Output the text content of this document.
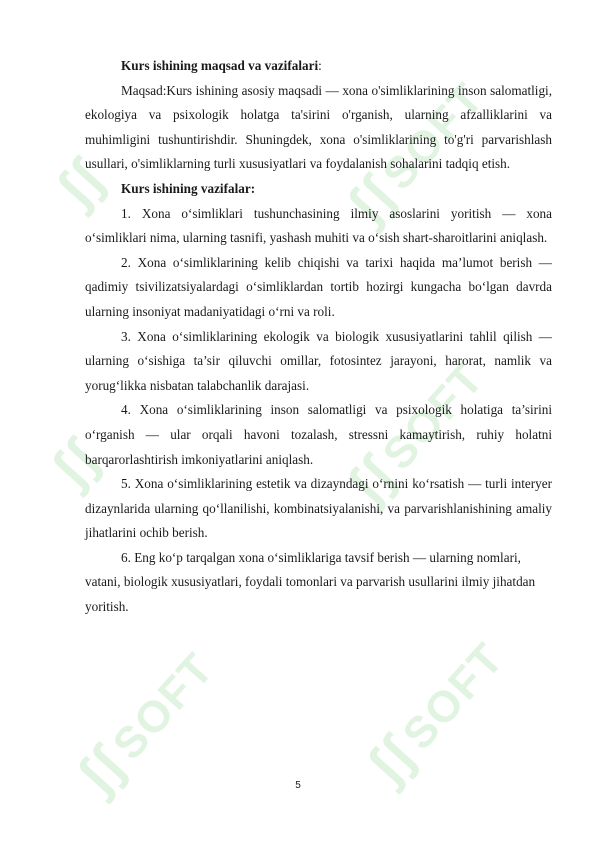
ʃʃSOFT
ʃʃ
ʃʃSOFT
ʃʃ
ʃʃSOFT ʃʃSOFT

Kurs ishining maqsad va vazifalari:

Maqsad:Kurs ishining asosiy maqsadi — xona o'simliklarining inson salomatligi, ekologiya va psixologik holatga ta'sirini o'rganish, ularning afzalliklarini va muhimligini tushuntirishdir. Shuningdek, xona o'simliklarining to'g'ri parvarishlash usullari, o'simliklarning turli xususiyatlari va foydalanish sohalarini tadqiq etish.

Kurs ishining vazifalar:

1. Xona o‘simliklari tushunchasining ilmiy asoslarini yoritish — xona o‘simliklari nima, ularning tasnifi, yashash muhiti va o‘sish shart-sharoitlarini aniqlash.

2. Xona o‘simliklarining kelib chiqishi va tarixi haqida ma’lumot berish — qadimiy tsivilizatsiyalardagi o‘simliklardan tortib hozirgi kungacha bo‘lgan davrda ularning insoniyat madaniyatidagi o‘rni va roli.

3. Xona o‘simliklarining ekologik va biologik xususiyatlarini tahlil qilish — ularning o‘sishiga ta’sir qiluvchi omillar, fotosintez jarayoni, harorat, namlik va yorug‘likka nisbatan talabchanlik darajasi.

4. Xona o‘simliklarining inson salomatligi va psixologik holatiga ta’sirini o‘rganish — ular orqali havoni tozalash, stressni kamaytirish, ruhiy holatni barqarorlashtirish imkoniyatlarini aniqlash.

5. Xona o‘simliklarining estetik va dizayndagi o‘rnini ko‘rsatish — turli interyer dizaynlarida ularning qo‘llanilishi, kombinatsiyalanishi, va parvarishlanishining amaliy jihatlarini ochib berish.

6. Eng ko‘p tarqalgan xona o‘simliklariga tavsif berish — ularning nomlari, vatani, biologik xususiyatlari, foydali tomonlari va parvarish usullarini ilmiy jihatdan yoritish.

5
